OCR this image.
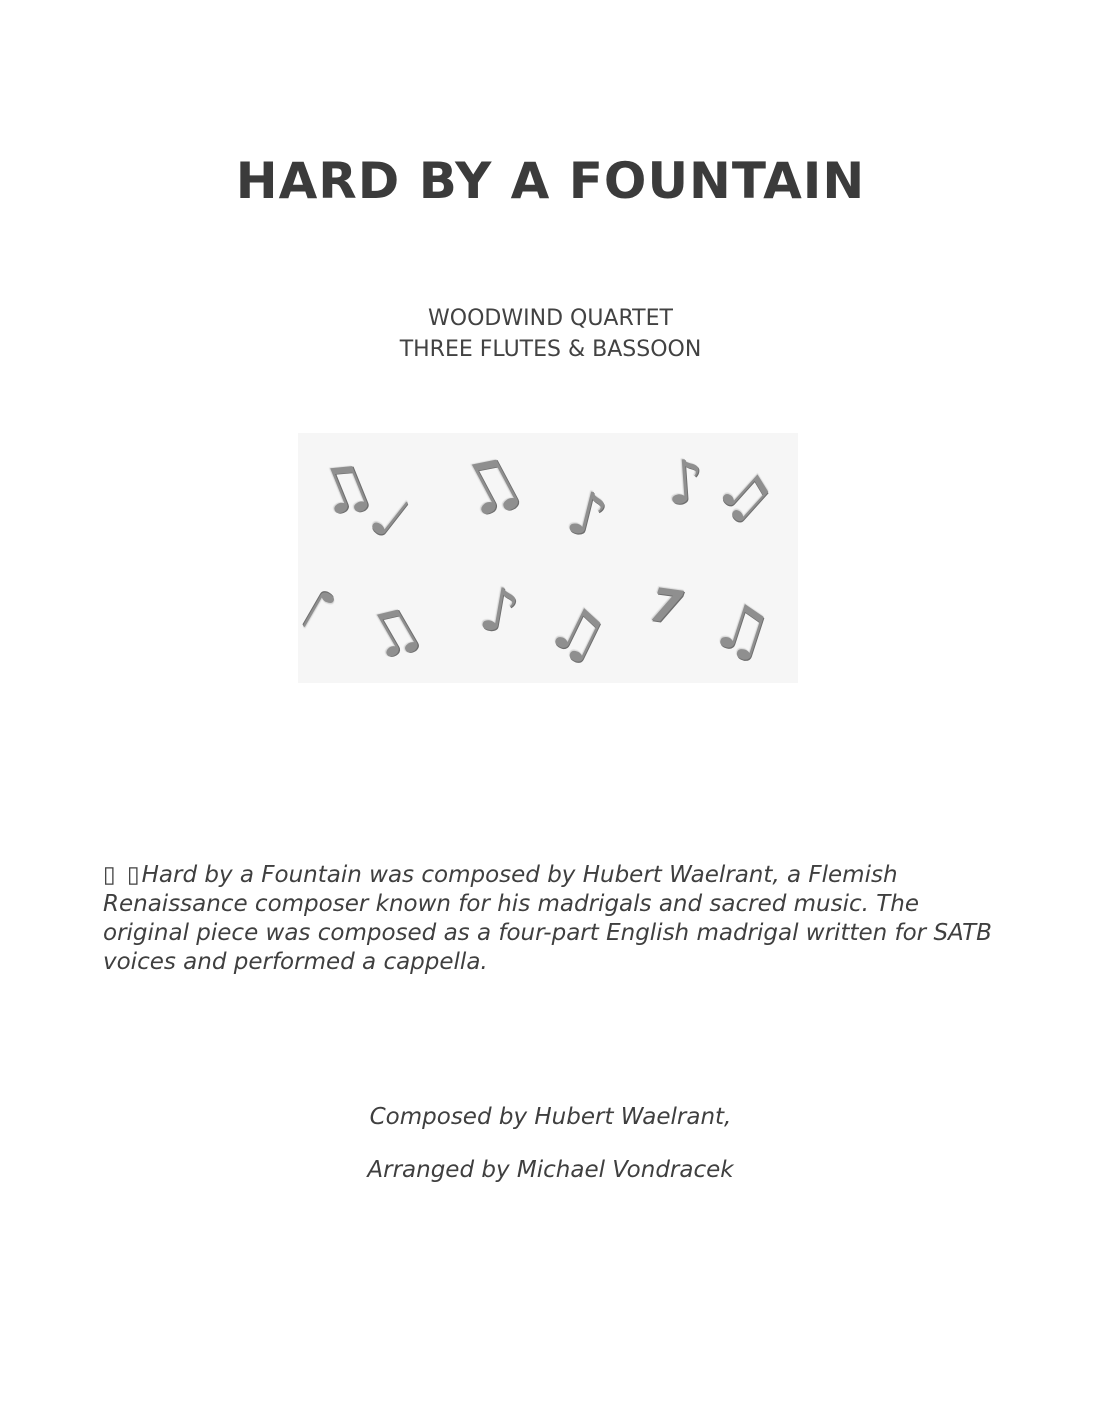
HARD BY A FOUNTAIN
WOODWIND QUARTET
THREE FLUTES & BASSOON
♫
♩ ♫ ♪ ♪
♫
♩ ♫ ♪ ♫ 7 ♫

▯ ▯Hard by a Fountain was composed by Hubert Waelrant, a Flemish Renaissance composer known for his madrigals and sacred music. The original piece was composed as a four-part English madrigal written for SATB voices and performed a cappella.

Composed by Hubert Waelrant,
Arranged by Michael Vondracek
